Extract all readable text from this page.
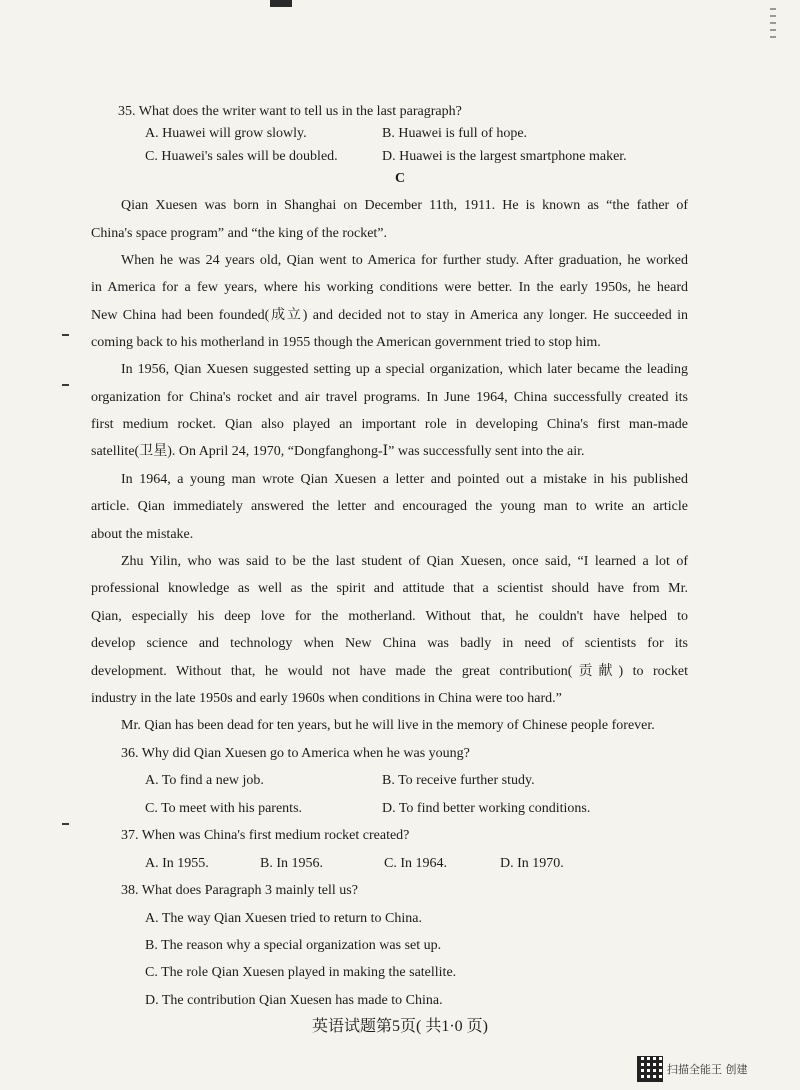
35. What does the writer want to tell us in the last paragraph?
A. Huawei will grow slowly.	B. Huawei is full of hope.
C. Huawei's sales will be doubled.	D. Huawei is the largest smartphone maker.
C
Qian Xuesen was born in Shanghai on December 11th, 1911. He is known as “the father of
China's space program” and “the king of the rocket”.
When he was 24 years old, Qian went to America for further study. After graduation, he worked
in America for a few years, where his working conditions were better. In the early 1950s, he heard
New China had been founded(成立) and decided not to stay in America any longer. He succeeded in
coming back to his motherland in 1955 though the American government tried to stop him.
In 1956, Qian Xuesen suggested setting up a special organization, which later became the leading
organization for China's rocket and air travel programs. In June 1964, China successfully created its
first medium rocket. Qian also played an important role in developing China's first man-made
satellite(卫星). On April 24, 1970, “Dongfanghong-Ⅰ” was successfully sent into the air.
In 1964, a young man wrote Qian Xuesen a letter and pointed out a mistake in his published
article. Qian immediately answered the letter and encouraged the young man to write an article
about the mistake.
Zhu Yilin, who was said to be the last student of Qian Xuesen, once said, “I learned a lot of
professional knowledge as well as the spirit and attitude that a scientist should have from Mr.
Qian, especially his deep love for the motherland. Without that, he couldn't have helped to
develop science and technology when New China was badly in need of scientists for its
development. Without that, he would not have made the great contribution(贡献) to rocket
industry in the late 1950s and early 1960s when conditions in China were too hard.”
Mr. Qian has been dead for ten years, but he will live in the memory of Chinese people forever.
36. Why did Qian Xuesen go to America when he was young?
A. To find a new job.	B. To receive further study.
C. To meet with his parents.	D. To find better working conditions.
37. When was China's first medium rocket created?
A. In 1955.	B. In 1956.	C. In 1964.	D. In 1970.
38. What does Paragraph 3 mainly tell us?
A. The way Qian Xuesen tried to return to China.
B. The reason why a special organization was set up.
C. The role Qian Xuesen played in making the satellite.
D. The contribution Qian Xuesen has made to China.
英语试题第5页( 共1·0 页)
扫描全能王 创建
